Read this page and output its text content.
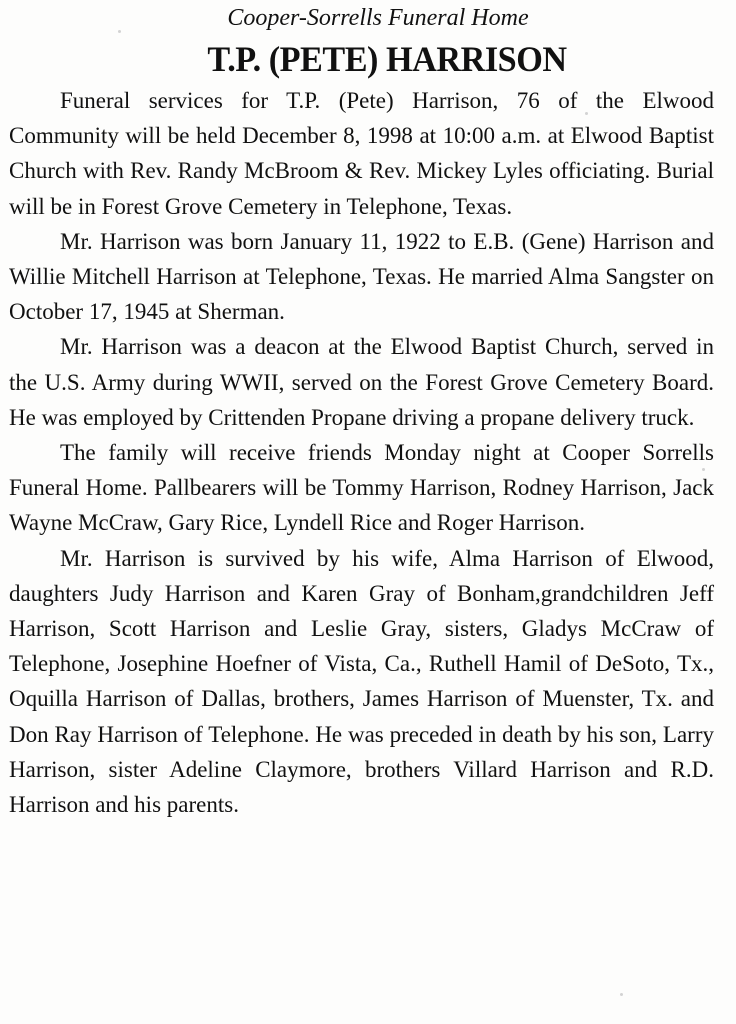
Cooper-Sorrells Funeral Home
T.P. (PETE) HARRISON

Funeral services for T.P. (Pete) Harrison, 76 of the Elwood Community will be held December 8, 1998 at 10:00 a.m. at Elwood Baptist Church with Rev. Randy McBroom & Rev. Mickey Lyles officiating. Burial will be in Forest Grove Cemetery in Telephone, Texas.

Mr. Harrison was born January 11, 1922 to E.B. (Gene) Harrison and Willie Mitchell Harrison at Telephone, Texas. He married Alma Sangster on October 17, 1945 at Sherman.

Mr. Harrison was a deacon at the Elwood Baptist Church, served in the U.S. Army during WWII, served on the Forest Grove Cemetery Board. He was employed by Crittenden Propane driving a propane delivery truck.

The family will receive friends Monday night at Cooper Sorrells Funeral Home. Pallbearers will be Tommy Harrison, Rodney Harrison, Jack Wayne McCraw, Gary Rice, Lyndell Rice and Roger Harrison.

Mr. Harrison is survived by his wife, Alma Harrison of Elwood, daughters Judy Harrison and Karen Gray of Bonham,grandchildren Jeff Harrison, Scott Harrison and Leslie Gray, sisters, Gladys McCraw of Telephone, Josephine Hoefner of Vista, Ca., Ruthell Hamil of DeSoto, Tx., Oquilla Harrison of Dallas, brothers, James Harrison of Muenster, Tx. and Don Ray Harrison of Telephone. He was preceded in death by his son, Larry Harrison, sister Adeline Claymore, brothers Villard Harrison and R.D. Harrison and his parents.
